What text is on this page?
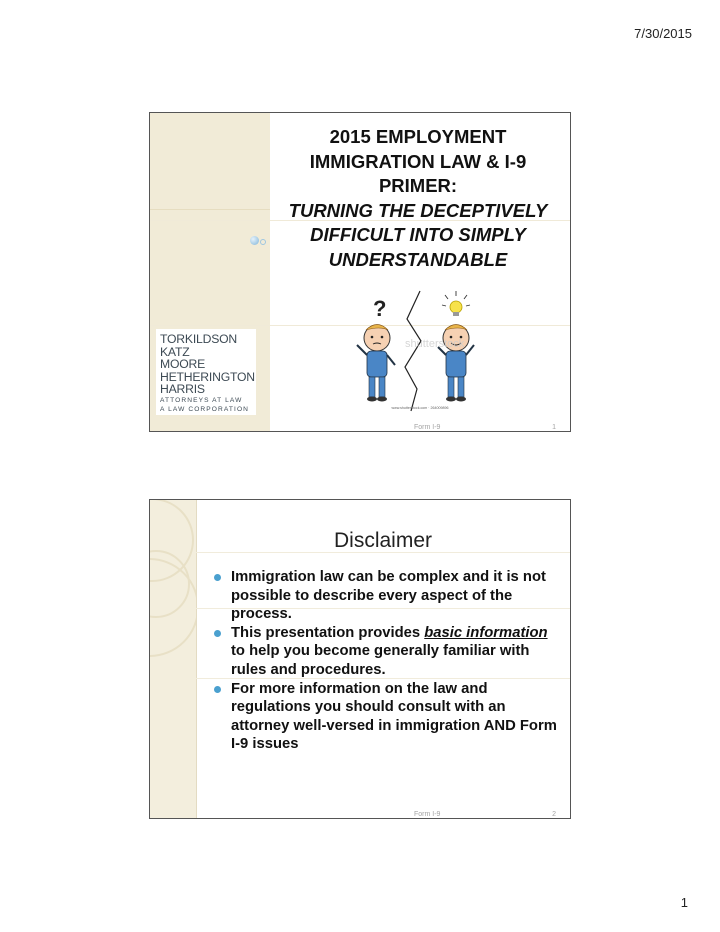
7/30/2015
2015 EMPLOYMENT
IMMIGRATION LAW & I-9
PRIMER:
TURNING THE DECEPTIVELY
DIFFICULT INTO SIMPLY
UNDERSTANDABLE
TORKILDSON
KATZ
MOORE
HETHERINGTON
HARRIS
ATTORNEYS AT LAW
A LAW CORPORATION
?
shutterstock
www.shutterstock.com · 264009896
Form I-9	1
Disclaimer
Immigration law can be complex and it is not possible to describe every aspect of the process.
This presentation provides basic information to help you become generally familiar with rules and procedures.
For more information on the law and regulations you should consult with an attorney well-versed in immigration AND Form I-9 issues
Form I-9	2
1
